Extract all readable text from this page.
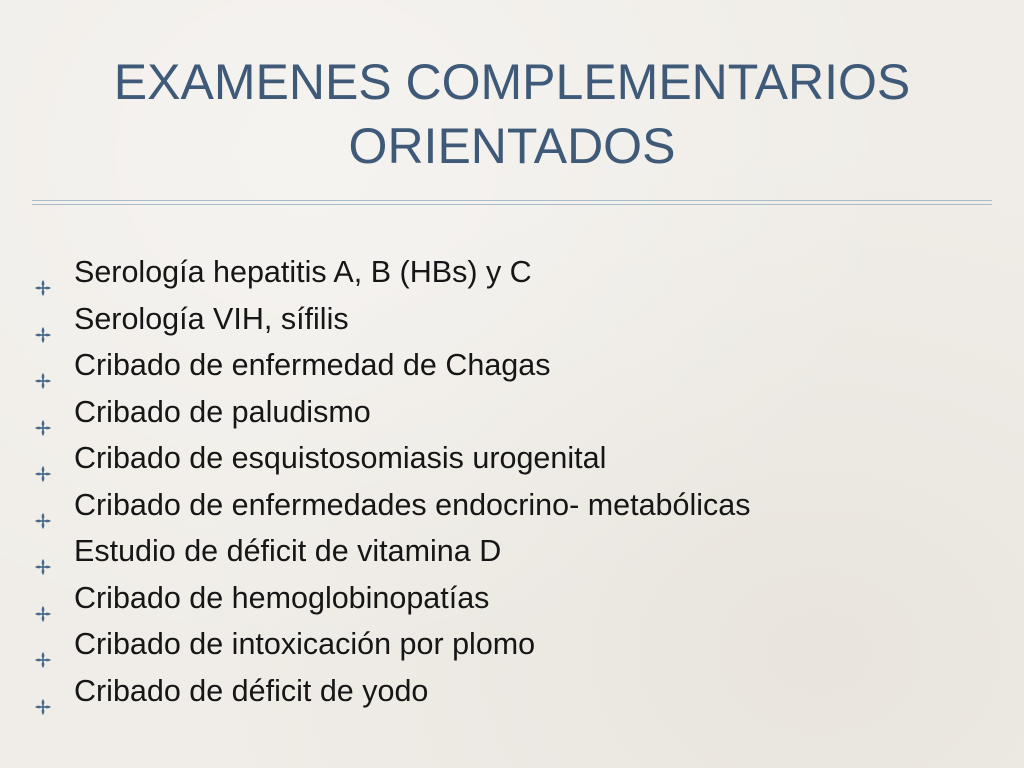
EXAMENES COMPLEMENTARIOS
ORIENTADOS
Serología hepatitis A, B (HBs) y C
Serología VIH, sífilis
Cribado de enfermedad de Chagas
Cribado de paludismo
Cribado de esquistosomiasis urogenital
Cribado de enfermedades endocrino- metabólicas
Estudio de déficit de vitamina D
Cribado de hemoglobinopatías
Cribado de intoxicación por plomo
Cribado de déficit de yodo
